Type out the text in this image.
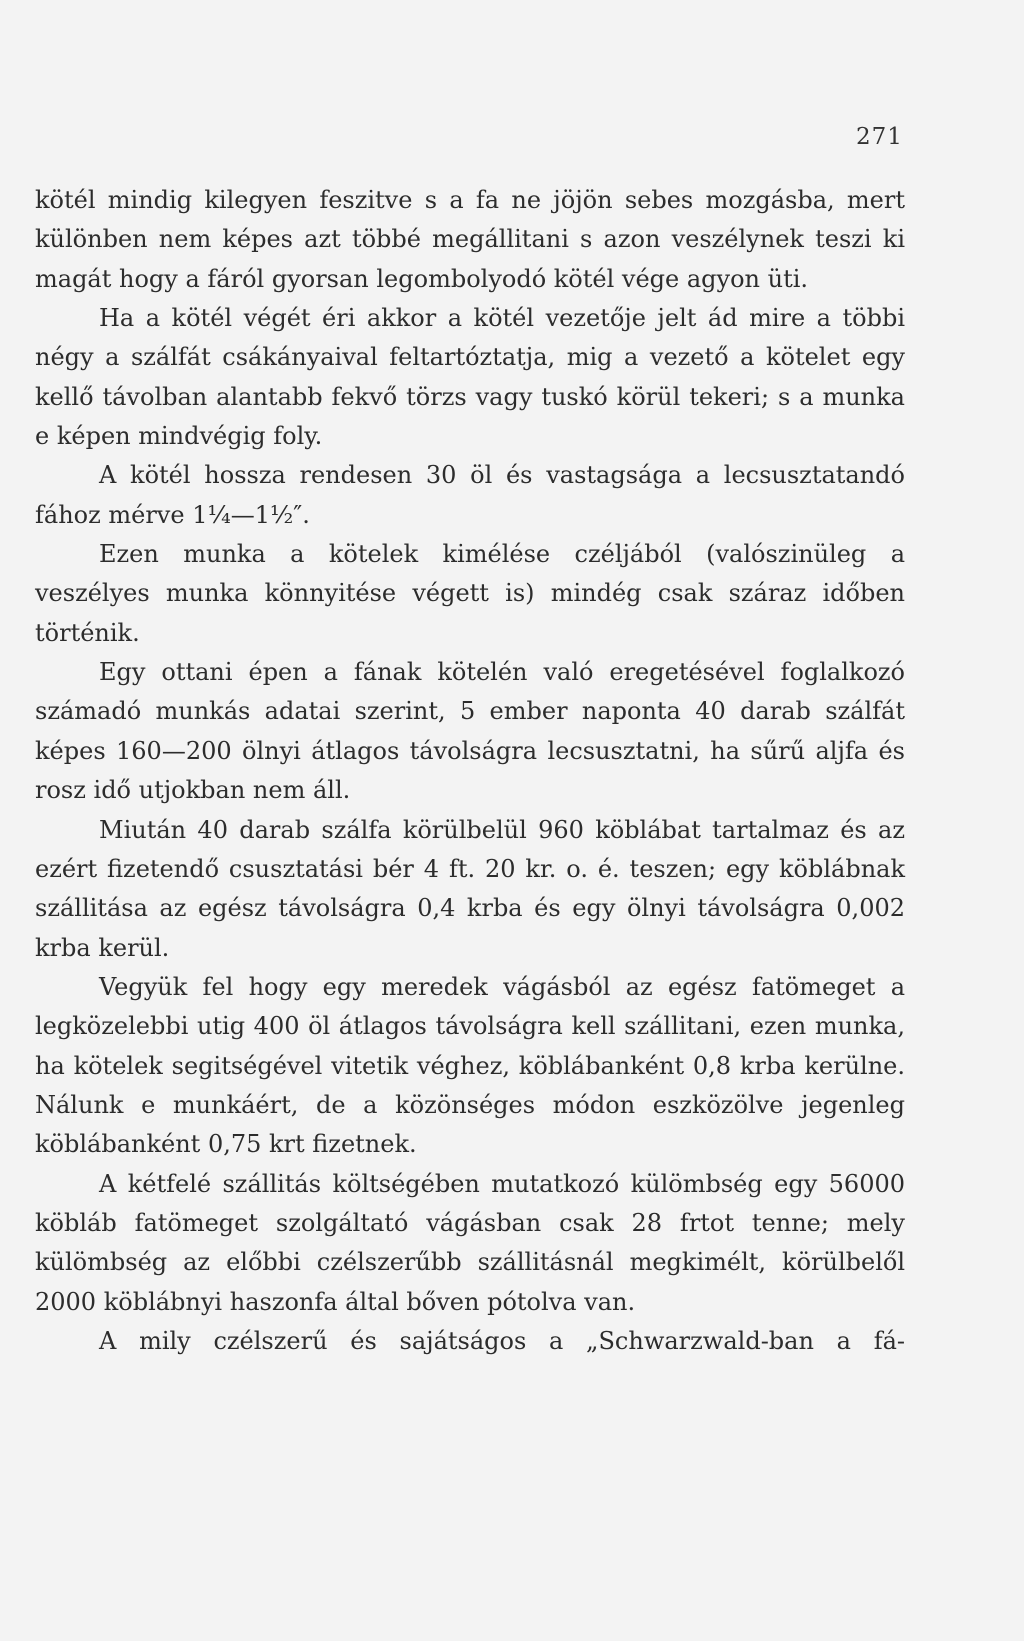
271

kötél mindig kilegyen feszitve s a fa ne jöjön sebes mozgásba, mert különben nem képes azt többé megállitani s azon veszélynek teszi ki magát hogy a fáról gyorsan legombolyodó kötél vége agyon üti.

Ha a kötél végét éri akkor a kötél vezetője jelt ád mire a többi négy a szálfát csákányaival feltartóztatja, mig a vezető a kötelet egy kellő távolban alantabb fekvő törzs vagy tuskó körül tekeri; s a munka e képen mindvégig foly.

A kötél hossza rendesen 30 öl és vastagsága a lecsusztatandó fához mérve 1¼—1½″.

Ezen munka a kötelek kimélése czéljából (valószinüleg a veszélyes munka könnyitése végett is) mindég csak száraz időben történik.

Egy ottani épen a fának kötelén való eregetésével foglalkozó számadó munkás adatai szerint, 5 ember naponta 40 darab szálfát képes 160—200 ölnyi átlagos távolságra lecsusztatni, ha sűrű aljfa és rosz idő utjokban nem áll.

Miután 40 darab szálfa körülbelül 960 köblábat tartalmaz és az ezért fizetendő csusztatási bér 4 ft. 20 kr. o. é. teszen; egy köblábnak szállitása az egész távolságra 0,4 krba és egy ölnyi távolságra 0,002 krba kerül.

Vegyük fel hogy egy meredek vágásból az egész fatömeget a legközelebbi utig 400 öl átlagos távolságra kell szállitani, ezen munka, ha kötelek segitségével vitetik véghez, köblábanként 0,8 krba kerülne. Nálunk e munkáért, de a közönséges módon eszközölve jegenleg köblábanként 0,75 krt fizetnek.

A kétfelé szállitás költségében mutatkozó külömbség egy 56000 köbláb fatömeget szolgáltató vágásban csak 28 frtot tenne; mely külömbség az előbbi czélszerűbb szállitásnál megkimélt, körülbelől 2000 köblábnyi haszonfa által bőven pótolva van.

A mily czélszerű és sajátságos a „Schwarzwald-ban a fá-
